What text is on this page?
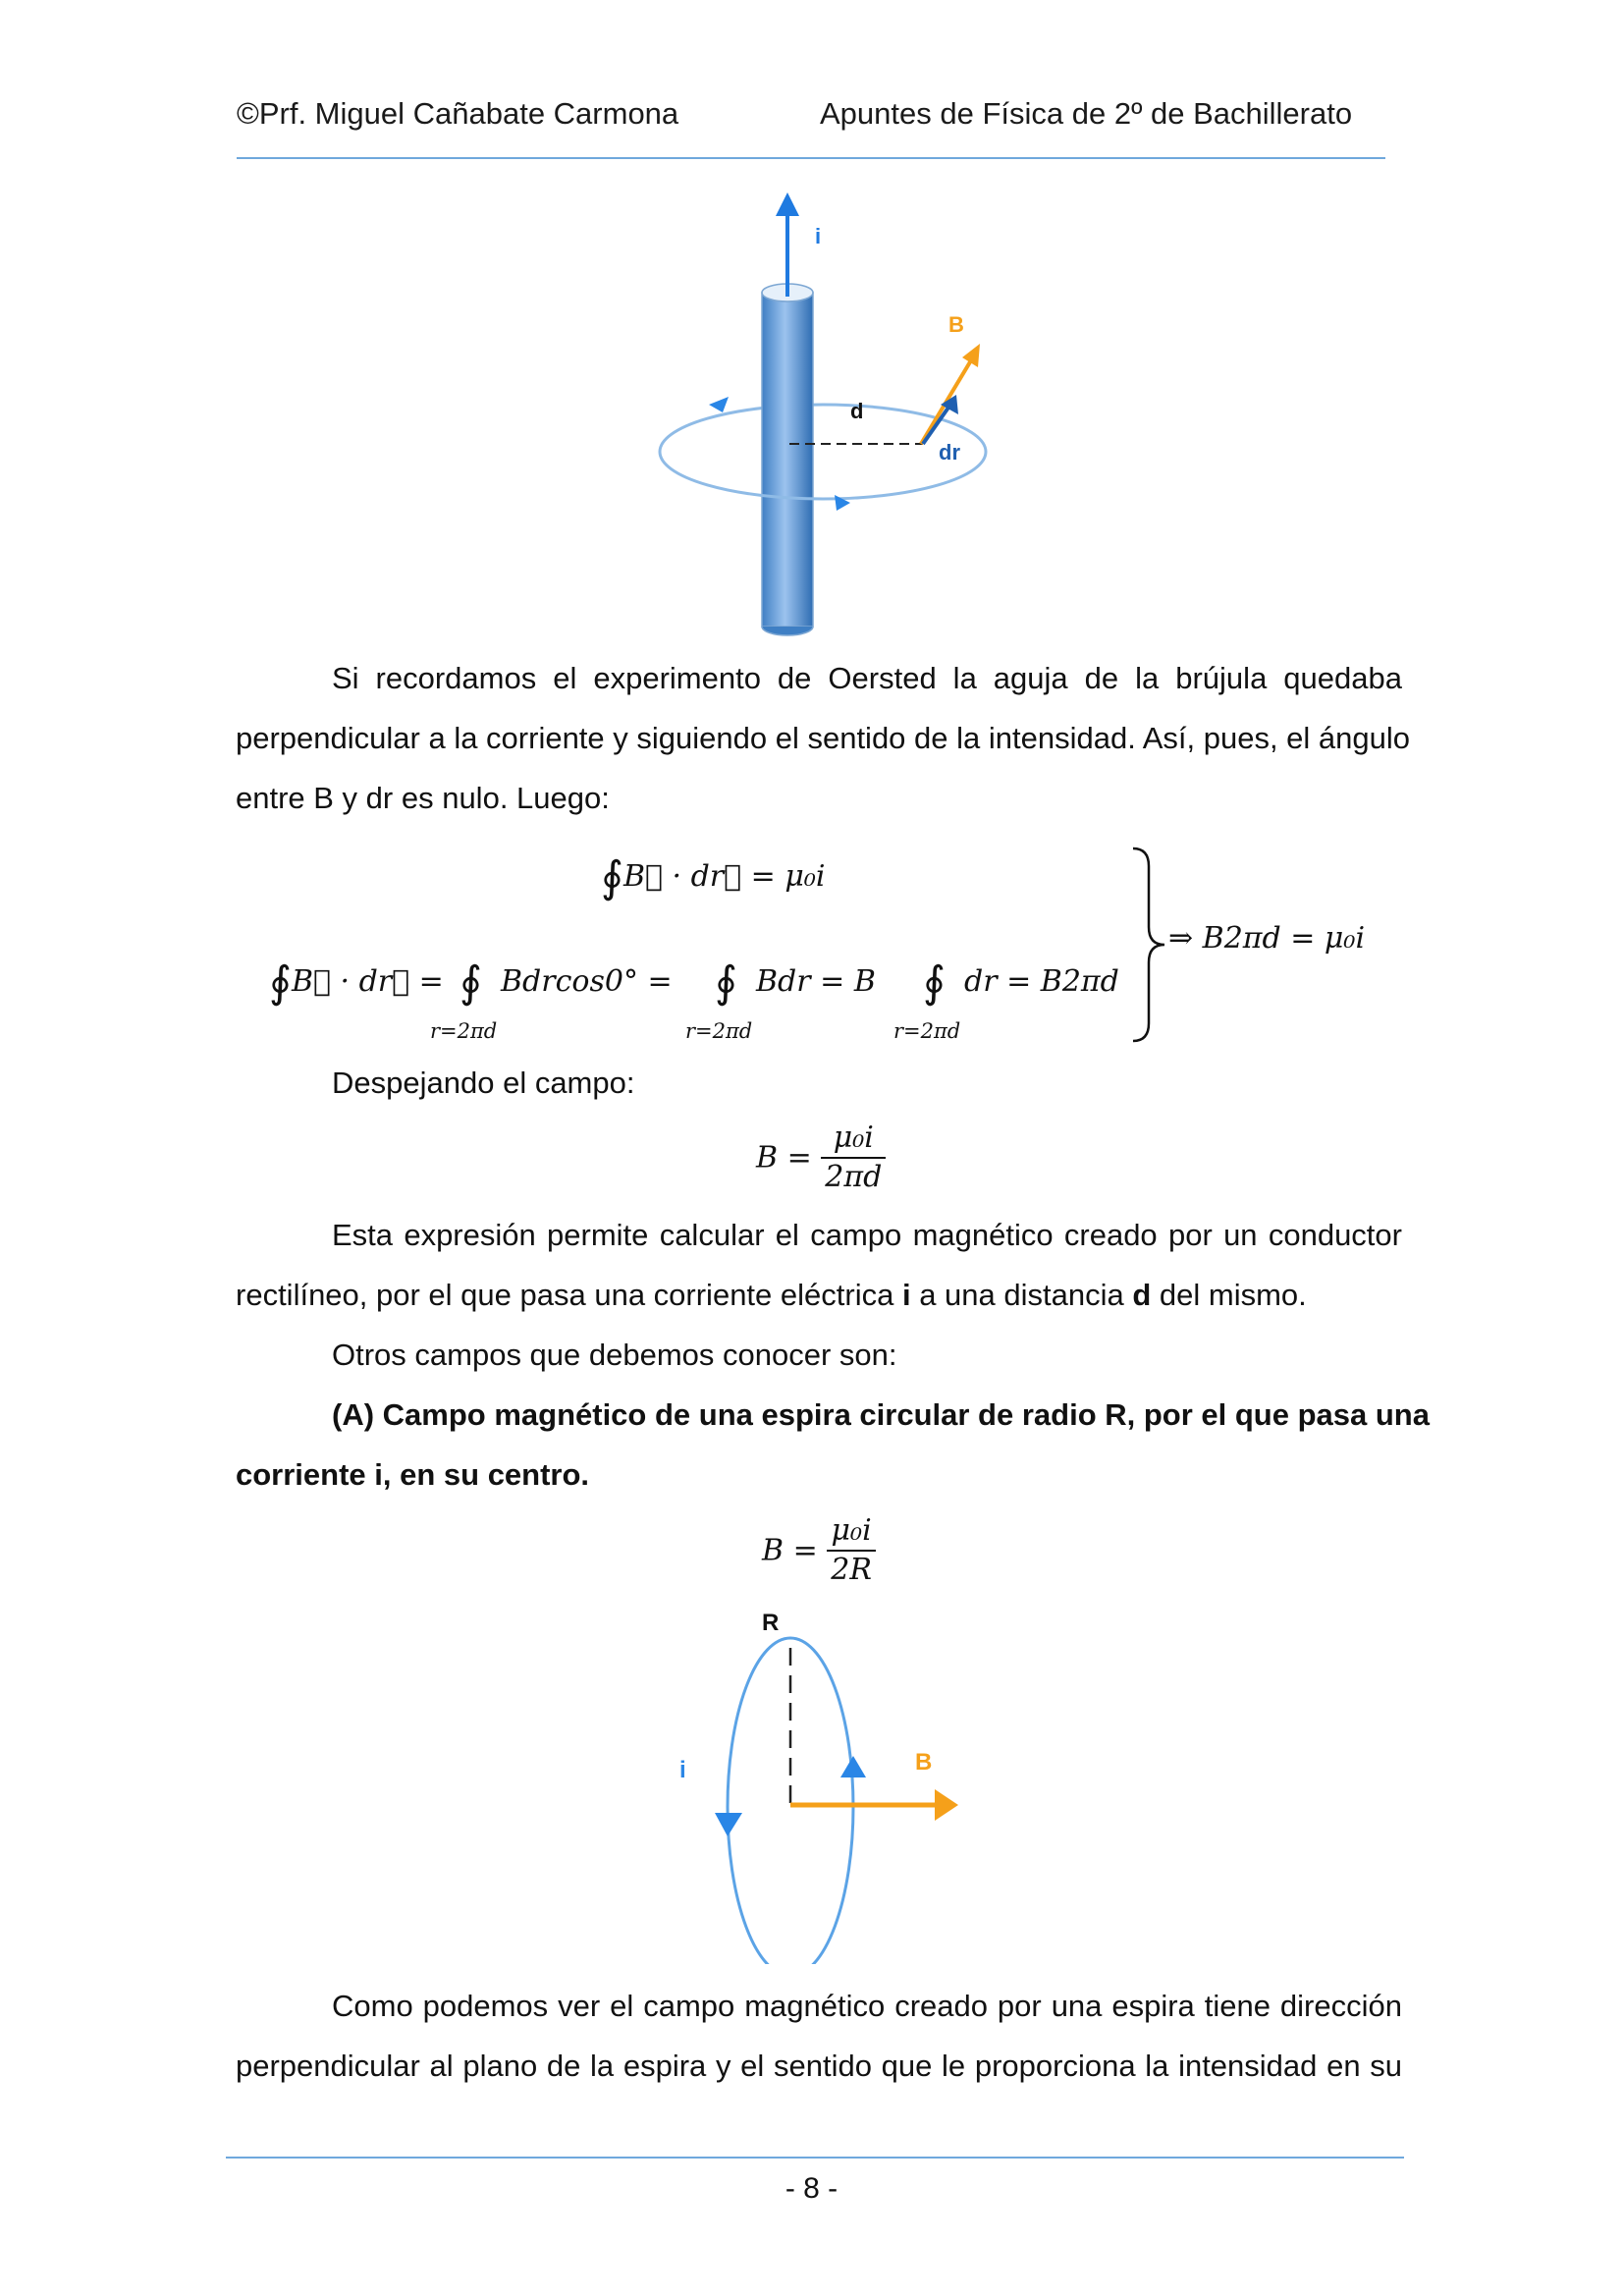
©Prf. Miguel Cañabate Carmona	Apuntes de Física de 2º de Bachillerato
i
d
B
dr
Si recordamos el experimento de Oersted la aguja de la brújula quedaba
perpendicular a la corriente y siguiendo el sentido de la intensidad. Así, pues, el ángulo
entre B y dr es nulo. Luego:
∮B⃗ · dr⃗ = μ₀i
∮B⃗ · dr⃗ = ∮ Bdrcos0° = ∮ Bdr = B ∮ dr = B2πd
r=2πd	r=2πd	r=2πd
⇒ B2πd = μ₀i
Despejando el campo:
$B = \frac{\text{μ₀i}}{2\pi d}$
Esta expresión permite calcular el campo magnético creado por un conductor
rectilíneo, por el que pasa una corriente eléctrica i a una distancia d del mismo.
Otros campos que debemos conocer son:
(A) Campo magnético de una espira circular de radio R, por el que pasa una
corriente i, en su centro.
$B = \frac{\text{μ₀i}}{2R}$
R
B
i
Como podemos ver el campo magnético creado por una espira tiene dirección
perpendicular al plano de la espira y el sentido que le proporciona la intensidad en su
- 8 -
